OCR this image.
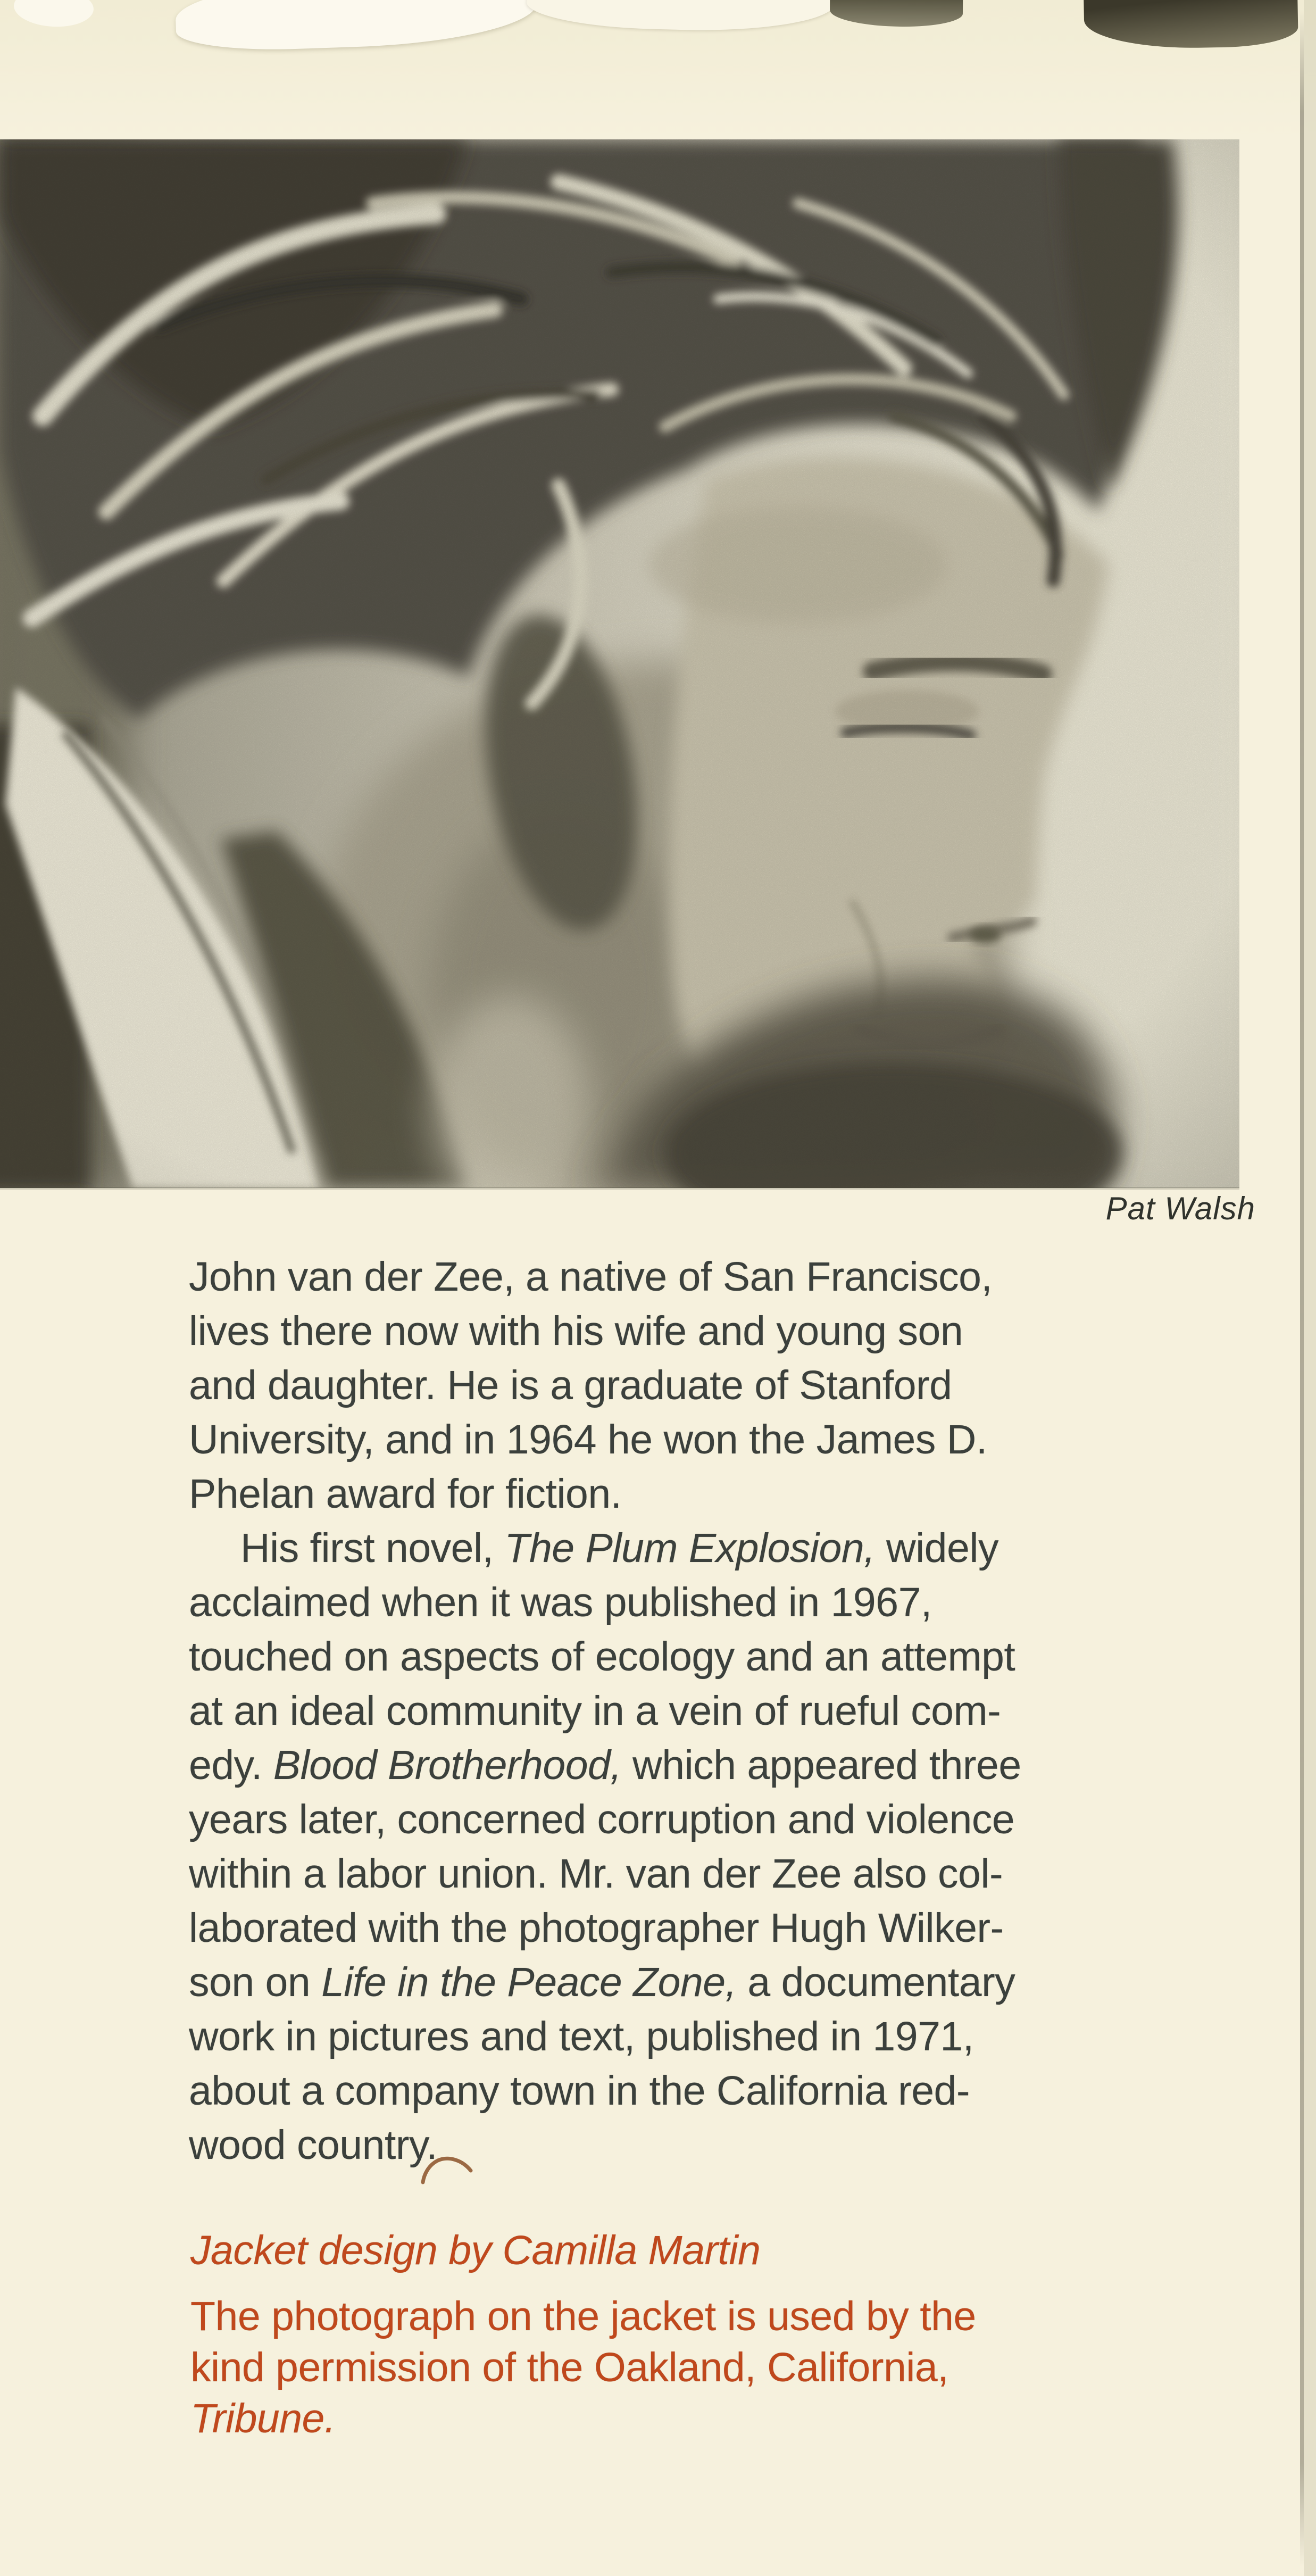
Pat Walsh
John van der Zee, a native of San Francisco,
lives there now with his wife and young son
and daughter. He is a graduate of Stanford
University, and in 1964 he won the James D.
Phelan award for fiction.
His first novel, The Plum Explosion, widely
acclaimed when it was published in 1967,
touched on aspects of ecology and an attempt
at an ideal community in a vein of rueful com-
edy. Blood Brotherhood, which appeared three
years later, concerned corruption and violence
within a labor union. Mr. van der Zee also col-
laborated with the photographer Hugh Wilker-
son on Life in the Peace Zone, a documentary
work in pictures and text, published in 1971,
about a company town in the California red-
wood country.
Jacket design by Camilla Martin
The photograph on the jacket is used by the
kind permission of the Oakland, California,
Tribune.
